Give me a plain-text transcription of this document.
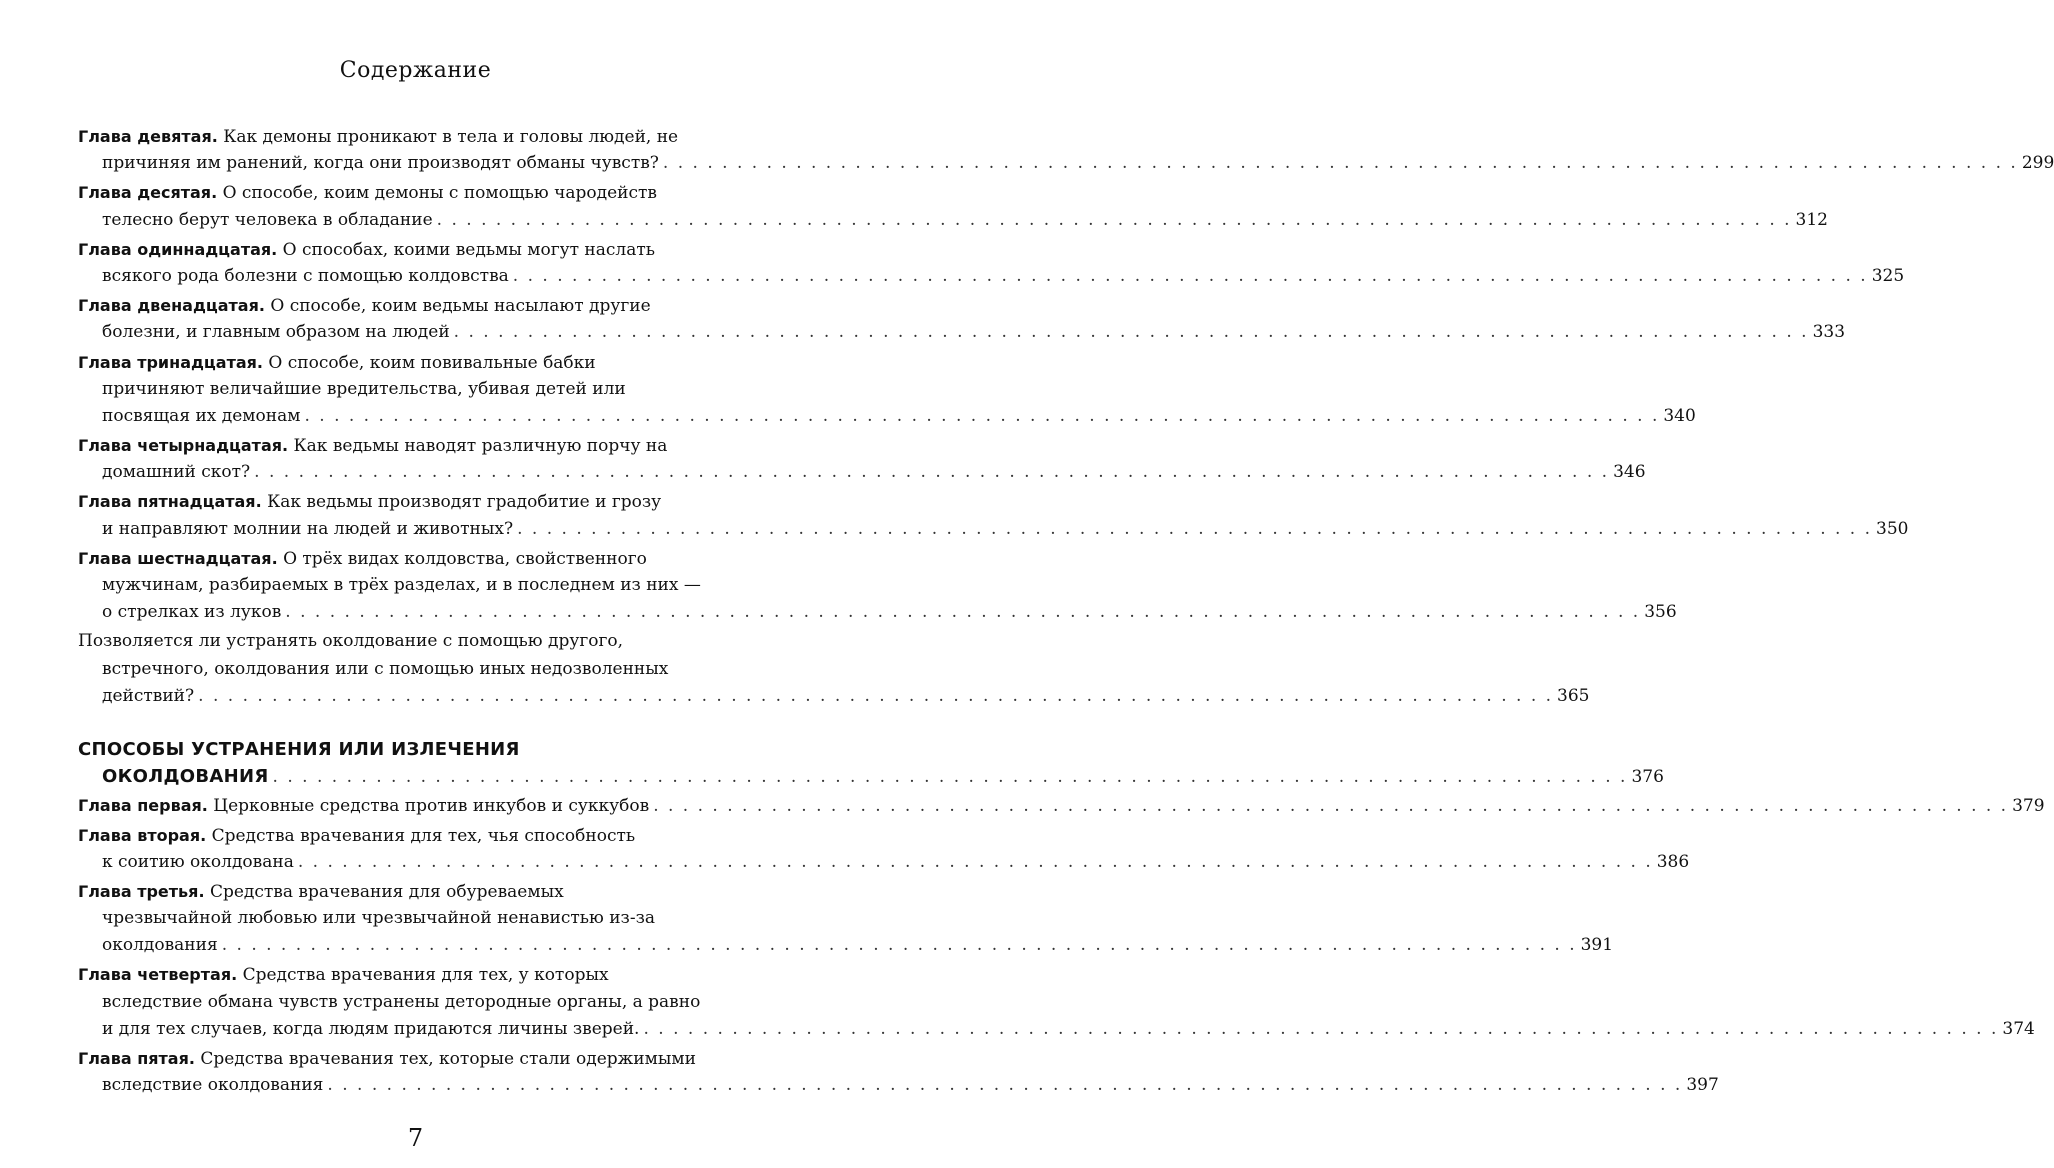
Содержание
Глава девятая. Как демоны проникают в тела и головы людей, не
причиняя им ранений, когда они производят обманы чувств? . . .	299
Глава десятая. О способе, коим демоны с помощью чародейств
телесно берут человека в обладание . . .	312
Глава одиннадцатая. О способах, коими ведьмы могут наслать
всякого рода болезни с помощью колдовства . . .	325
Глава двенадцатая. О способе, коим ведьмы насылают другие
болезни, и главным образом на людей . . .	333
Глава тринадцатая. О способе, коим повивальные бабки
причиняют величайшие вредительства, убивая детей или
посвящая их демонам . . .	340
Глава четырнадцатая. Как ведьмы наводят различную порчу на
домашний скот? . . .	346
Глава пятнадцатая. Как ведьмы производят градобитие и грозу
и направляют молнии на людей и животных? . . .	350
Глава шестнадцатая. О трёх видах колдовства, свойственного
мужчинам, разбираемых в трёх разделах, и в последнем из них —
о стрелках из луков . . .	356
Позволяется ли устранять околдование с помощью другого,
встречного, околдования или с помощью иных недозволенных
действий? . . .	365
СПОСОБЫ УСТРАНЕНИЯ ИЛИ ИЗЛЕЧЕНИЯ
ОКОЛДОВАНИЯ . . .	376
Глава первая. Церковные средства против инкубов и суккубов . . .	379
Глава вторая. Средства врачевания для тех, чья способность
к соитию околдована . . .	386
Глава третья. Средства врачевания для обуреваемых
чрезвычайной любовью или чрезвычайной ненавистью из-за
околдования . . .	391
Глава четвертая. Средства врачевания для тех, у которых
вследствие обмана чувств устранены детородные органы, а равно
и для тех случаев, когда людям придаются личины зверей. . . .	374
Глава пятая. Средства врачевания тех, которые стали одержимыми
вследствие околдования . . .	397
7
